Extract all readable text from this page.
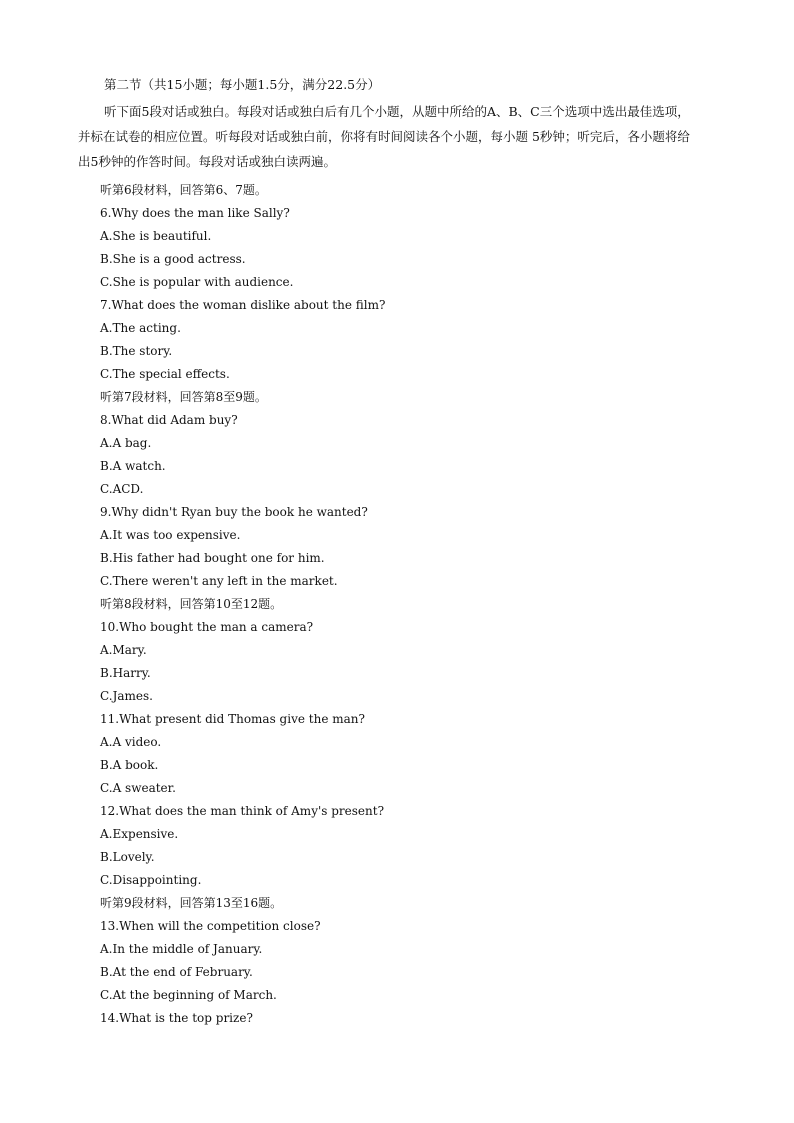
第二节（共15小题；每小题1.5分，满分22.5分）

听下面5段对话或独白。每段对话或独白后有几个小题，从题中所给的A、B、C三个选项中选出最佳选项，

并标在试卷的相应位置。听每段对话或独白前，你将有时间阅读各个小题，每小题 5秒钟；听完后，各小题将给

出5秒钟的作答时间。每段对话或独白读两遍。

听第6段材料，回答第6、7题。
6.Why does the man like Sally?
A.She is beautiful.
B.She is a good actress.
C.She is popular with audience.
7.What does the woman dislike about the film?
A.The acting.
B.The story.
C.The special effects.
听第7段材料，回答第8至9题。
8.What did Adam buy?
A.A bag.
B.A watch.
C.ACD.
9.Why didn't Ryan buy the book he wanted?
A.It was too expensive.
B.His father had bought one for him.
C.There weren't any left in the market.
听第8段材料，回答第10至12题。
10.Who bought the man a camera?
A.Mary.
B.Harry.
C.James.
11.What present did Thomas give the man?
A.A video.
B.A book.
C.A sweater.
12.What does the man think of Amy's present?
A.Expensive.
B.Lovely.
C.Disappointing.
听第9段材料，回答第13至16题。
13.When will the competition close?
A.In the middle of January.
B.At the end of February.
C.At the beginning of March.
14.What is the top prize?
